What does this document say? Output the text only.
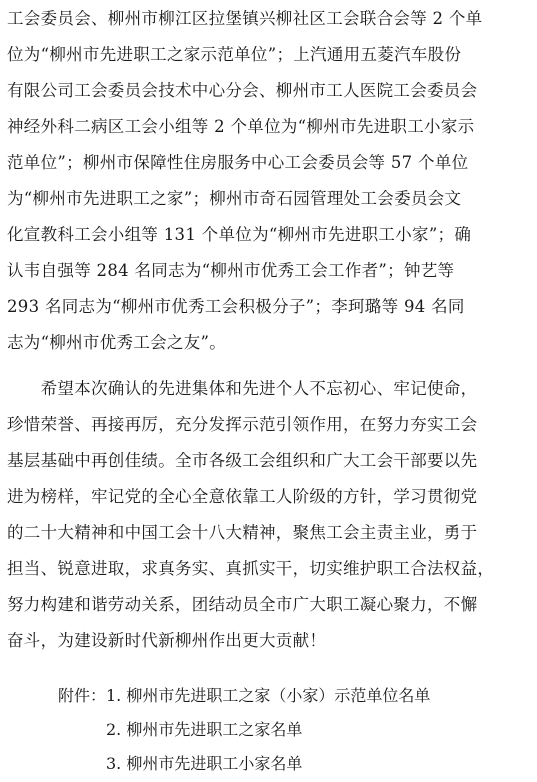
工会委员会、柳州市柳江区拉堡镇兴柳社区工会联合会等 2 个单
位为“柳州市先进职工之家示范单位”；上汽通用五菱汽车股份
有限公司工会委员会技术中心分会、柳州市工人医院工会委员会
神经外科二病区工会小组等 2 个单位为“柳州市先进职工小家示
范单位”；柳州市保障性住房服务中心工会委员会等 57 个单位
为“柳州市先进职工之家”；柳州市奇石园管理处工会委员会文
化宣教科工会小组等 131 个单位为“柳州市先进职工小家”；确
认韦自强等 284 名同志为“柳州市优秀工会工作者”；钟艺等
293 名同志为“柳州市优秀工会积极分子”；李珂璐等 94 名同
志为“柳州市优秀工会之友”。
　　希望本次确认的先进集体和先进个人不忘初心、牢记使命，
珍惜荣誉、再接再厉，充分发挥示范引领作用，在努力夯实工会
基层基础中再创佳绩。全市各级工会组织和广大工会干部要以先
进为榜样，牢记党的全心全意依靠工人阶级的方针，学习贯彻党
的二十大精神和中国工会十八大精神，聚焦工会主责主业，勇于
担当、锐意进取，求真务实、真抓实干，切实维护职工合法权益，
努力构建和谐劳动关系，团结动员全市广大职工凝心聚力，不懈
奋斗，为建设新时代新柳州作出更大贡献！
附件： 1. 柳州市先进职工之家（小家）示范单位名单
2. 柳州市先进职工之家名单
3. 柳州市先进职工小家名单
